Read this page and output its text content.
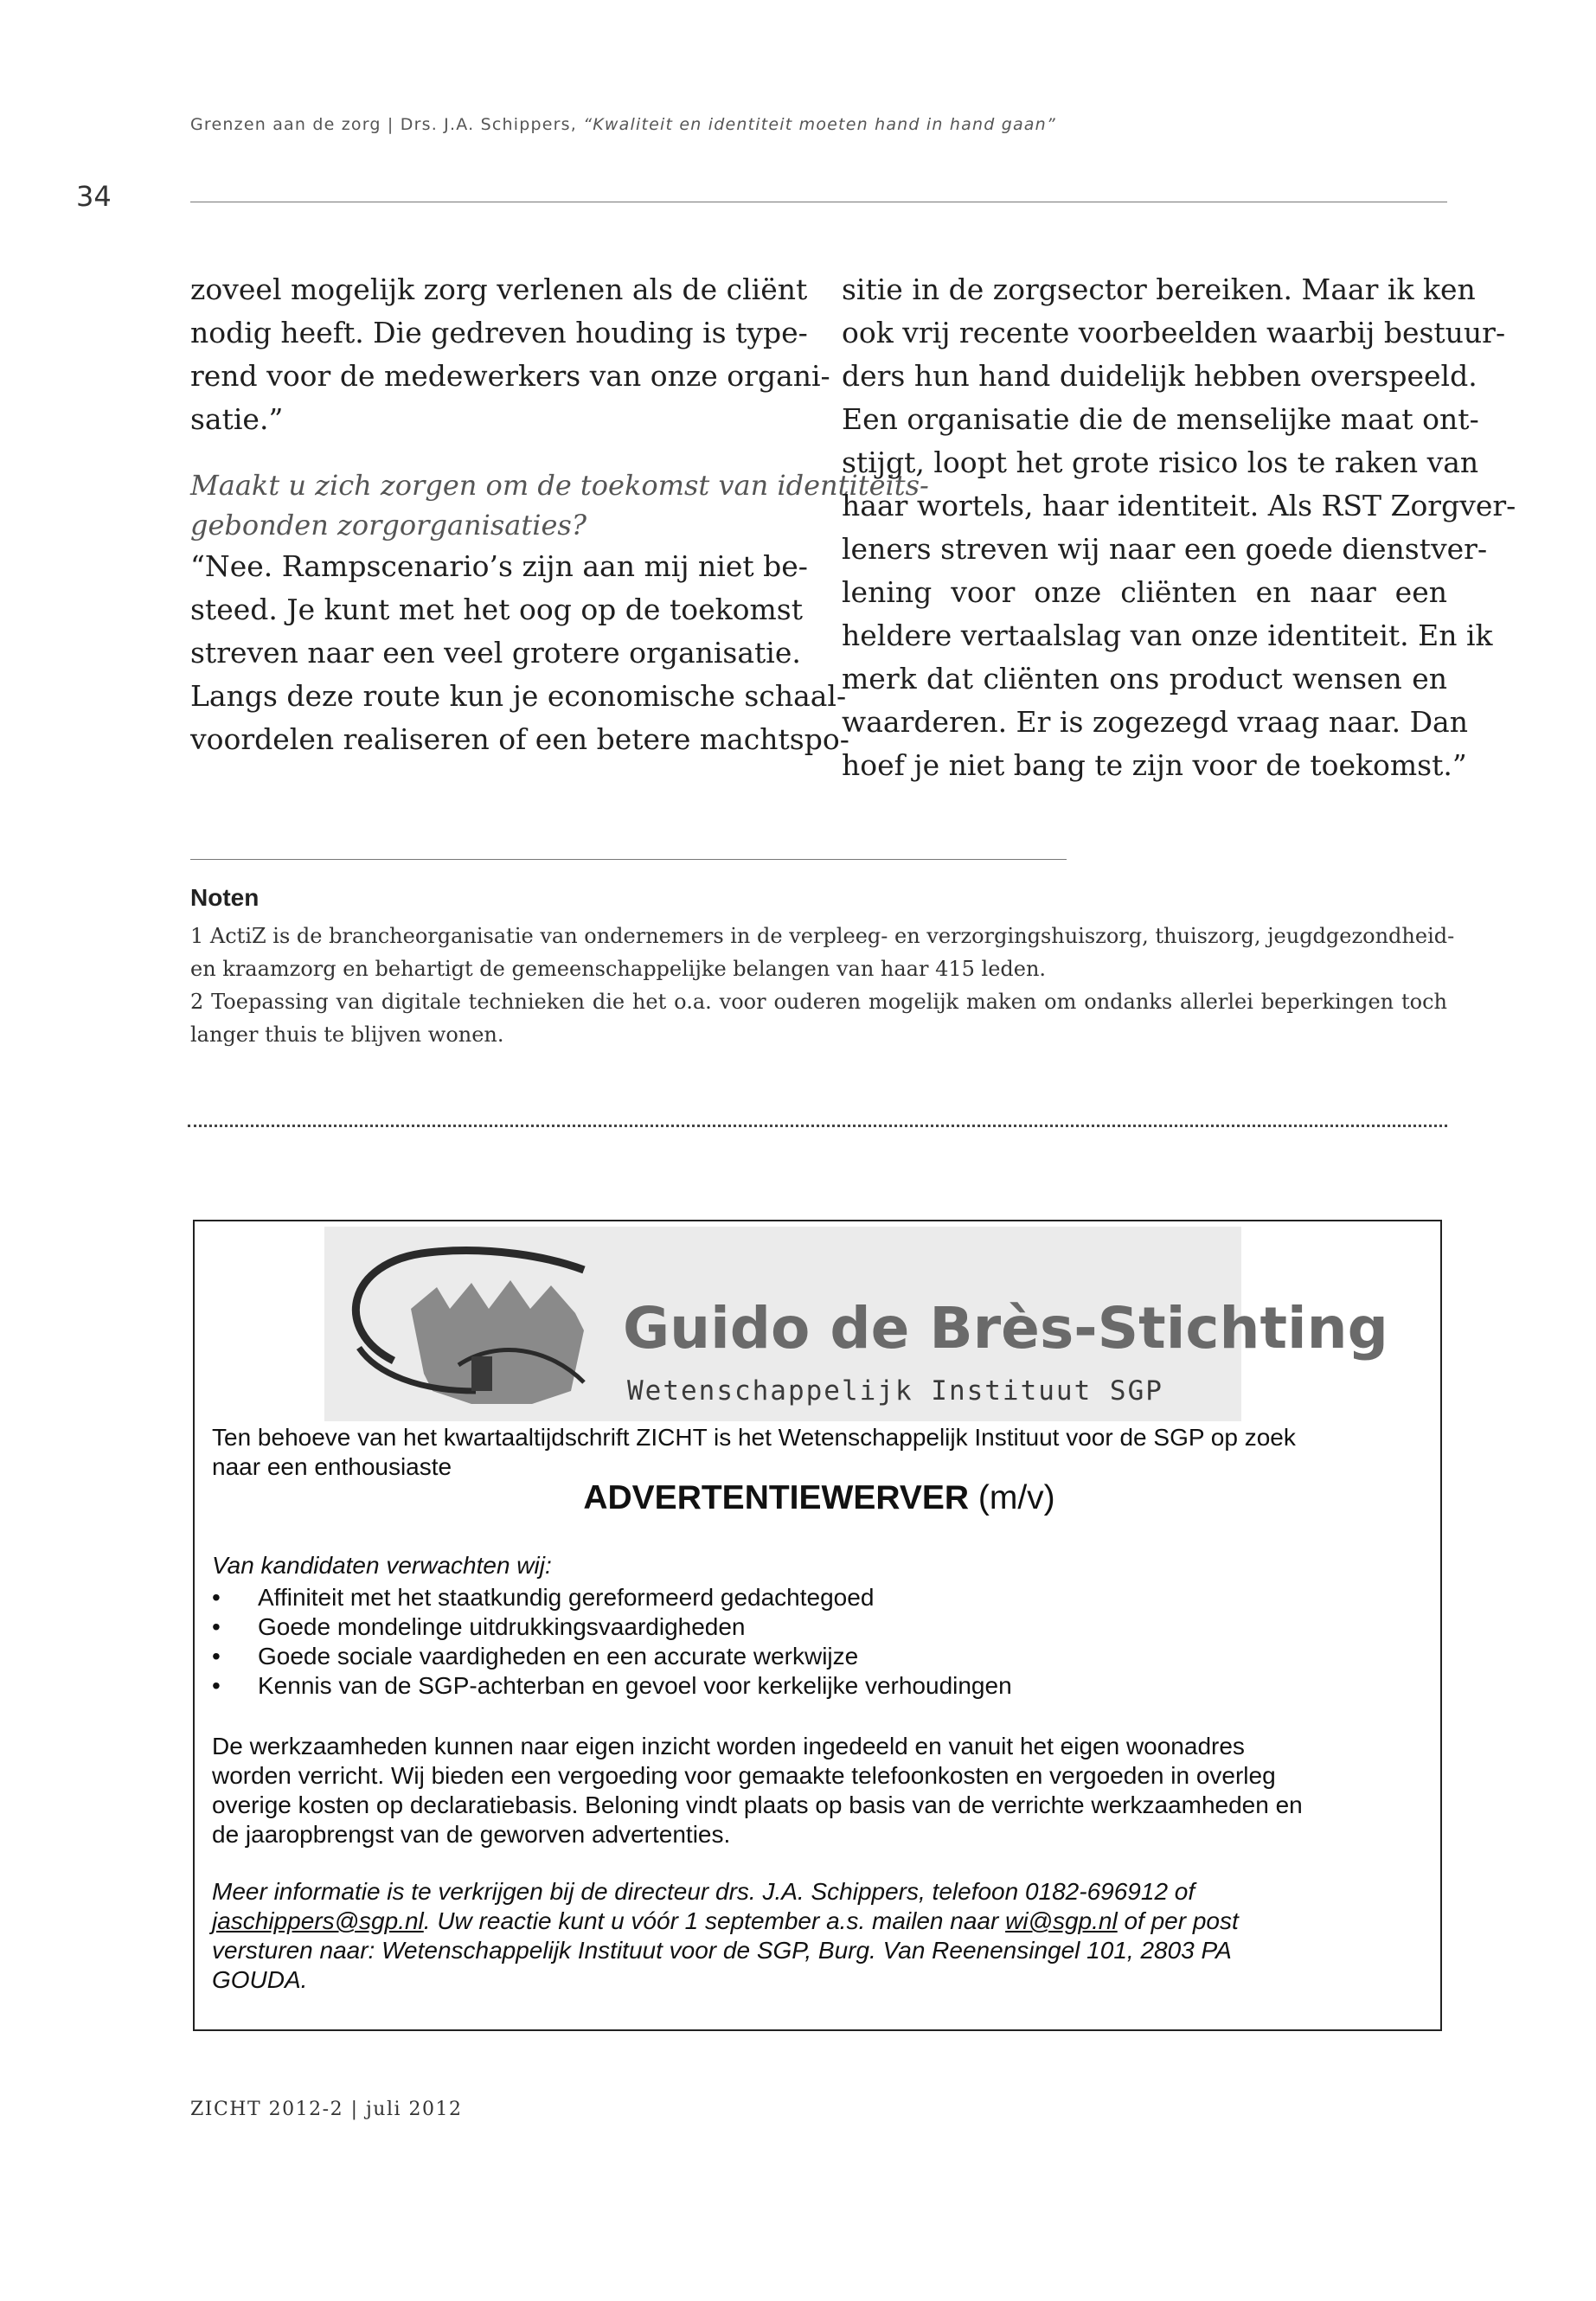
Grenzen aan de zorg | Drs. J.A. Schippers, “Kwaliteit en identiteit moeten hand in hand gaan”
34

zoveel mogelijk zorg verlenen als de cliënt
nodig heeft. Die gedreven houding is type-
rend voor de medewerkers van onze organi-
satie.”

Maakt u zich zorgen om de toekomst van identiteits-
gebonden zorgorganisaties?

“Nee. Rampscenario’s zijn aan mij niet be-
steed. Je kunt met het oog op de toekomst
streven naar een veel grotere organisatie.
Langs deze route kun je economische schaal-
voordelen realiseren of een betere machtspo-

sitie in de zorgsector bereiken. Maar ik ken
ook vrij recente voorbeelden waarbij bestuur-
ders hun hand duidelijk hebben overspeeld.
Een organisatie die de menselijke maat ont-
stijgt, loopt het grote risico los te raken van
haar wortels, haar identiteit. Als RST Zorgver-
leners streven wij naar een goede dienstver-
lening voor onze cliënten en naar een
heldere vertaalslag van onze identiteit. En ik
merk dat cliënten ons product wensen en
waarderen. Er is zogezegd vraag naar. Dan
hoef je niet bang te zijn voor de toekomst.”

Noten
1 ActiZ is de brancheorganisatie van ondernemers in de verpleeg- en verzorgingshuiszorg, thuiszorg, jeugdgezondheid-
en kraamzorg en behartigt de gemeenschappelijke belangen van haar 415 leden.
2 Toepassing van digitale technieken die het o.a. voor ouderen mogelijk maken om ondanks allerlei beperkingen toch
langer thuis te blijven wonen.
Guido de Brès-Stichting
Wetenschappelijk Instituut SGP
Ten behoeve van het kwartaaltijdschrift ZICHT is het Wetenschappelijk Instituut voor de SGP op zoek
naar een enthousiaste
ADVERTENTIEWERVER (m/v)
Van kandidaten verwachten wij:
• Affiniteit met het staatkundig gereformeerd gedachtegoed
• Goede mondelinge uitdrukkingsvaardigheden
• Goede sociale vaardigheden en een accurate werkwijze
• Kennis van de SGP-achterban en gevoel voor kerkelijke verhoudingen
De werkzaamheden kunnen naar eigen inzicht worden ingedeeld en vanuit het eigen woonadres
worden verricht. Wij bieden een vergoeding voor gemaakte telefoonkosten en vergoeden in overleg
overige kosten op declaratiebasis. Beloning vindt plaats op basis van de verrichte werkzaamheden en
de jaaropbrengst van de geworven advertenties.
Meer informatie is te verkrijgen bij de directeur drs. J.A. Schippers, telefoon 0182-696912 of
jaschippers@sgp.nl. Uw reactie kunt u vóór 1 september a.s. mailen naar wi@sgp.nl of per post
versturen naar: Wetenschappelijk Instituut voor de SGP, Burg. Van Reenensingel 101, 2803 PA
GOUDA.
ZICHT 2012-2 | juli 2012
